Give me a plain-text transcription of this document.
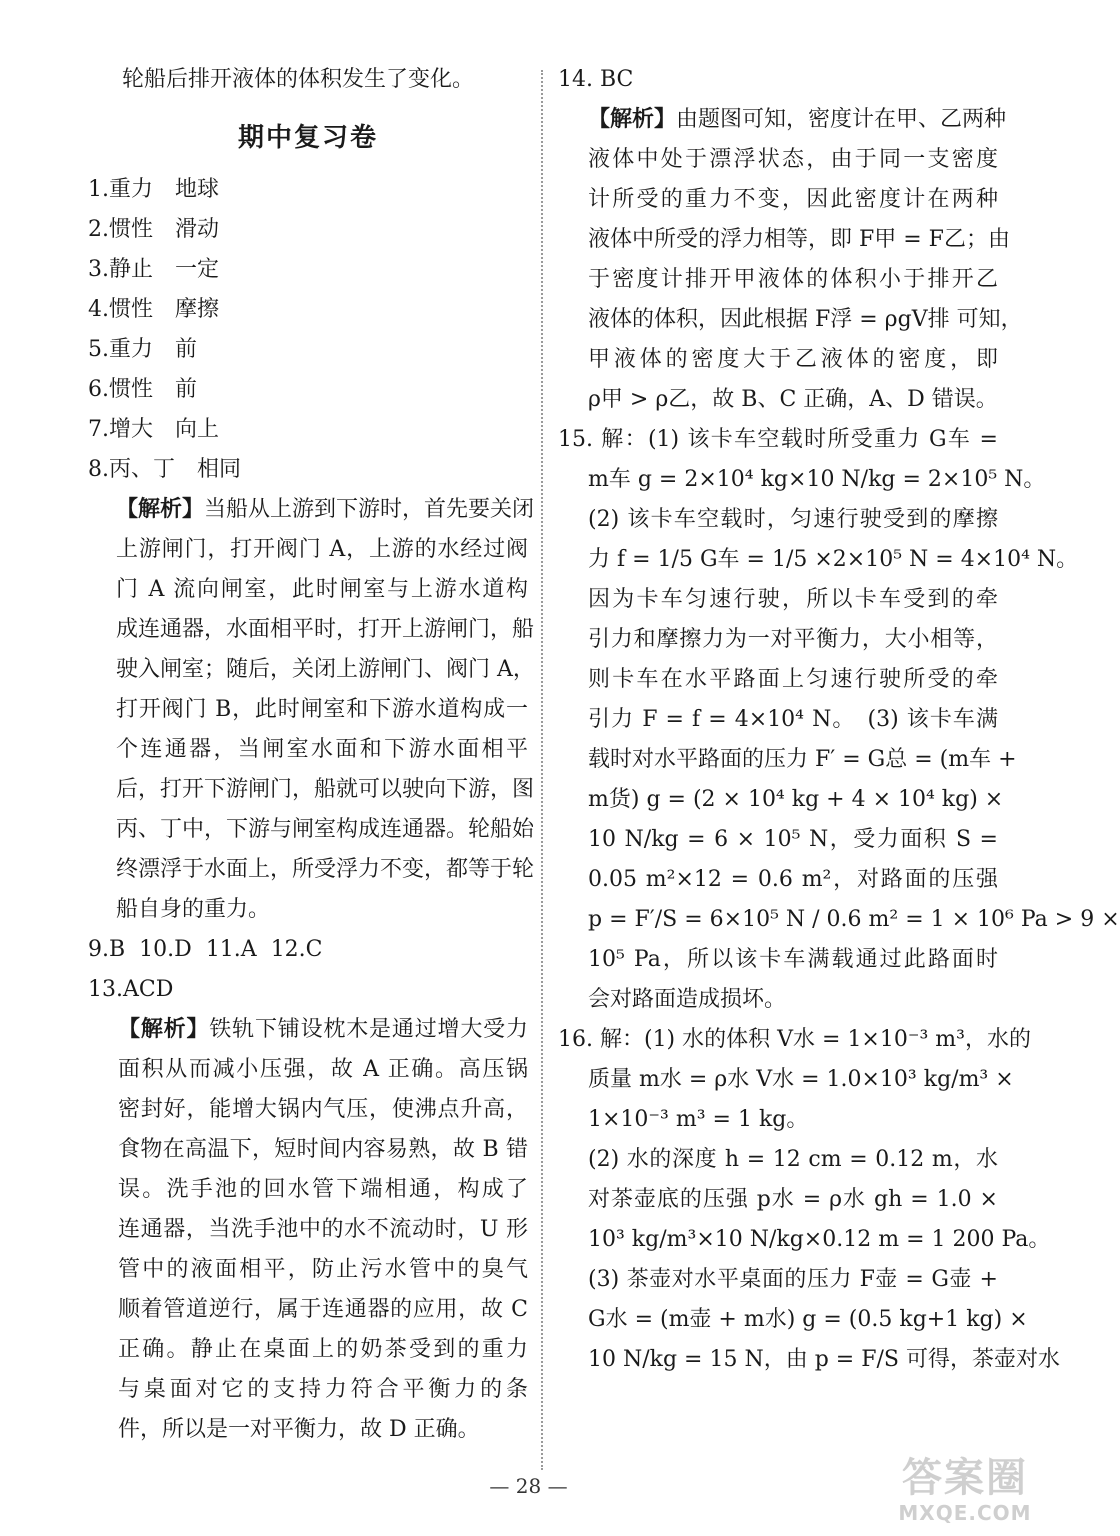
轮船后排开液体的体积发生了变化。
期中复习卷
1.重力　 地球
2.惯性　 滑动
3.静止　 一定
4.惯性　 摩擦
5.重力　 前
6.惯性　 前
7.增大　 向上
8.丙、丁　 相同
【解析】当船从上游到下游时，首先要关闭
上游闸门，打开阀门 A，上游的水经过阀
门 A 流向闸室，此时闸室与上游水道构
成连通器，水面相平时，打开上游闸门，船
驶入闸室；随后，关闭上游闸门、阀门 A，
打开阀门 B，此时闸室和下游水道构成一
个连通器，当闸室水面和下游水面相平
后，打开下游闸门，船就可以驶向下游，图
丙、丁中，下游与闸室构成连通器。轮船始
终漂浮于水面上，所受浮力不变，都等于轮
船自身的重力。
9.B 10.D 11.A 12.C
13.ACD
【解析】铁轨下铺设枕木是通过增大受力
面积从而减小压强，故 A 正确。高压锅
密封好，能增大锅内气压，使沸点升高，
食物在高温下，短时间内容易熟，故 B 错
误。洗手池的回水管下端相通，构成了
连通器，当洗手池中的水不流动时，U 形
管中的液面相平，防止污水管中的臭气
顺着管道逆行，属于连通器的应用，故 C
正确。静止在桌面上的奶茶受到的重力
与桌面对它的支持力符合平衡力的条
件，所以是一对平衡力，故 D 正确。
14. BC
【解析】由题图可知，密度计在甲、乙两种
液体中处于漂浮状态，由于同一支密度
计所受的重力不变，因此密度计在两种
液体中所受的浮力相等，即 F甲 = F乙；由
于密度计排开甲液体的体积小于排开乙
液体的体积，因此根据 F浮 = ρgV排 可知，
甲液体的密度大于乙液体的密度，即
ρ甲 > ρ乙，故 B、C 正确，A、D 错误。
15. 解：(1) 该卡车空载时所受重力 G车 =
m车 g = 2×10⁴ kg×10 N/kg = 2×10⁵ N。
(2) 该卡车空载时，匀速行驶受到的摩擦
力 f = 1/5 G车 = 1/5 ×2×10⁵ N = 4×10⁴ N。
因为卡车匀速行驶，所以卡车受到的牵
引力和摩擦力为一对平衡力，大小相等，
则卡车在水平路面上匀速行驶所受的牵
引力 F = f = 4×10⁴ N。　(3) 该卡车满
载时对水平路面的压力 F′ = G总 = (m车 +
m货) g = (2 × 10⁴ kg + 4 × 10⁴ kg) ×
10 N/kg = 6 × 10⁵ N，受力面积 S =
0.05 m²×12 = 0.6 m²，对路面的压强
p = F′/S = 6×10⁵ N / 0.6 m² = 1 × 10⁶ Pa > 9 ×
10⁵ Pa，所以该卡车满载通过此路面时
会对路面造成损坏。
16. 解：(1) 水的体积 V水 = 1×10⁻³ m³，水的
质量 m水 = ρ水 V水 = 1.0×10³ kg/m³ ×
1×10⁻³ m³ = 1 kg。
(2) 水的深度 h = 12 cm = 0.12 m，水
对茶壶底的压强 p水 = ρ水 gh = 1.0 ×
10³ kg/m³×10 N/kg×0.12 m = 1 200 Pa。
(3) 茶壶对水平桌面的压力 F壶 = G壶 +
G水 = (m壶 + m水) g = (0.5 kg+1 kg) ×
10 N/kg = 15 N，由 p = F/S 可得，茶壶对水
— 28 —	答案圈
MXQE.COM
